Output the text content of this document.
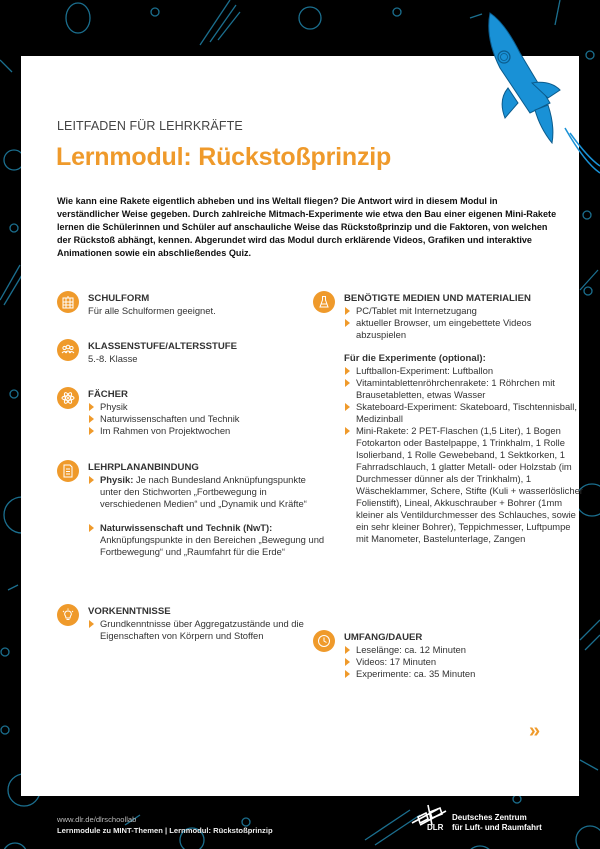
LEITFADEN FÜR LEHRKRÄFTE
Lernmodul: Rückstoßprinzip
Wie kann eine Rakete eigentlich abheben und ins Weltall fliegen? Die Antwort wird in diesem Modul in verständlicher Weise gegeben. Durch zahlreiche Mitmach-Experimente wie etwa den Bau einer eigenen Mini-Rakete lernen die Schülerinnen und Schüler auf anschauliche Weise das Rückstoßprinzip und die Faktoren, von welchen der Rückstoß abhängt, kennen. Abgerundet wird das Modul durch erklärende Videos, Grafiken und interaktive Animationen sowie ein abschließendes Quiz.
SCHULFORM
Für alle Schulformen geeignet.
KLASSENSTUFE/ALTERSSTUFE
5.-8. Klasse
FÄCHER
Physik
Naturwissenschaften und Technik
Im Rahmen von Projektwochen
LEHRPLANANBINDUNG
Physik: Je nach Bundesland Anknüpfungspunkte unter den Stichworten „Fortbewegung in verschiedenen Medien“ und „Dynamik und Kräfte“
Naturwissenschaft und Technik (NwT): Anknüpfungspunkte in den Bereichen „Bewegung und Fortbewegung“ und „Raumfahrt für die Erde“
VORKENNTNISSE
Grundkenntnisse über Aggregatzustände und die Eigenschaften von Körpern und Stoffen
BENÖTIGTE MEDIEN UND MATERIALIEN
PC/Tablet mit Internetzugang
aktueller Browser, um eingebettete Videos abzuspielen
Für die Experimente (optional):
Luftballon-Experiment: Luftballon
Vitamintablettenröhrchenrakete: 1 Röhrchen mit Brausetabletten, etwas Wasser
Skateboard-Experiment: Skateboard, Tischtennisball, Medizinball
Mini-Rakete: 2 PET-Flaschen (1,5 Liter), 1 Bogen Fotokarton oder Bastelpappe, 1 Trinkhalm, 1 Rolle Isolierband, 1 Rolle Gewebeband, 1 Sektkorken, 1 Fahrradschlauch, 1 glatter Metall- oder Holzstab (im Durchmesser dünner als der Trinkhalm), 1 Wäscheklammer, Schere, Stifte (Kuli + wasserlöslicher Folienstift), Lineal, Akkuschrauber + Bohrer (1mm kleiner als Ventildurchmesser des Schlauches, sowie ein sehr kleiner Bohrer), Teppichmesser, Luftpumpe mit Manometer, Bastelunterlage, Zangen
UMFANG/DAUER
Leselänge: ca. 12 Minuten
Videos: 17 Minuten
Experimente: ca. 35 Minuten
»
www.dlr.de/dlrschoollab
Lernmodule zu MINT-Themen | Lernmodul: Rückstoßprinzip	DLR
Deutsches Zentrum
für Luft- und Raumfahrt
